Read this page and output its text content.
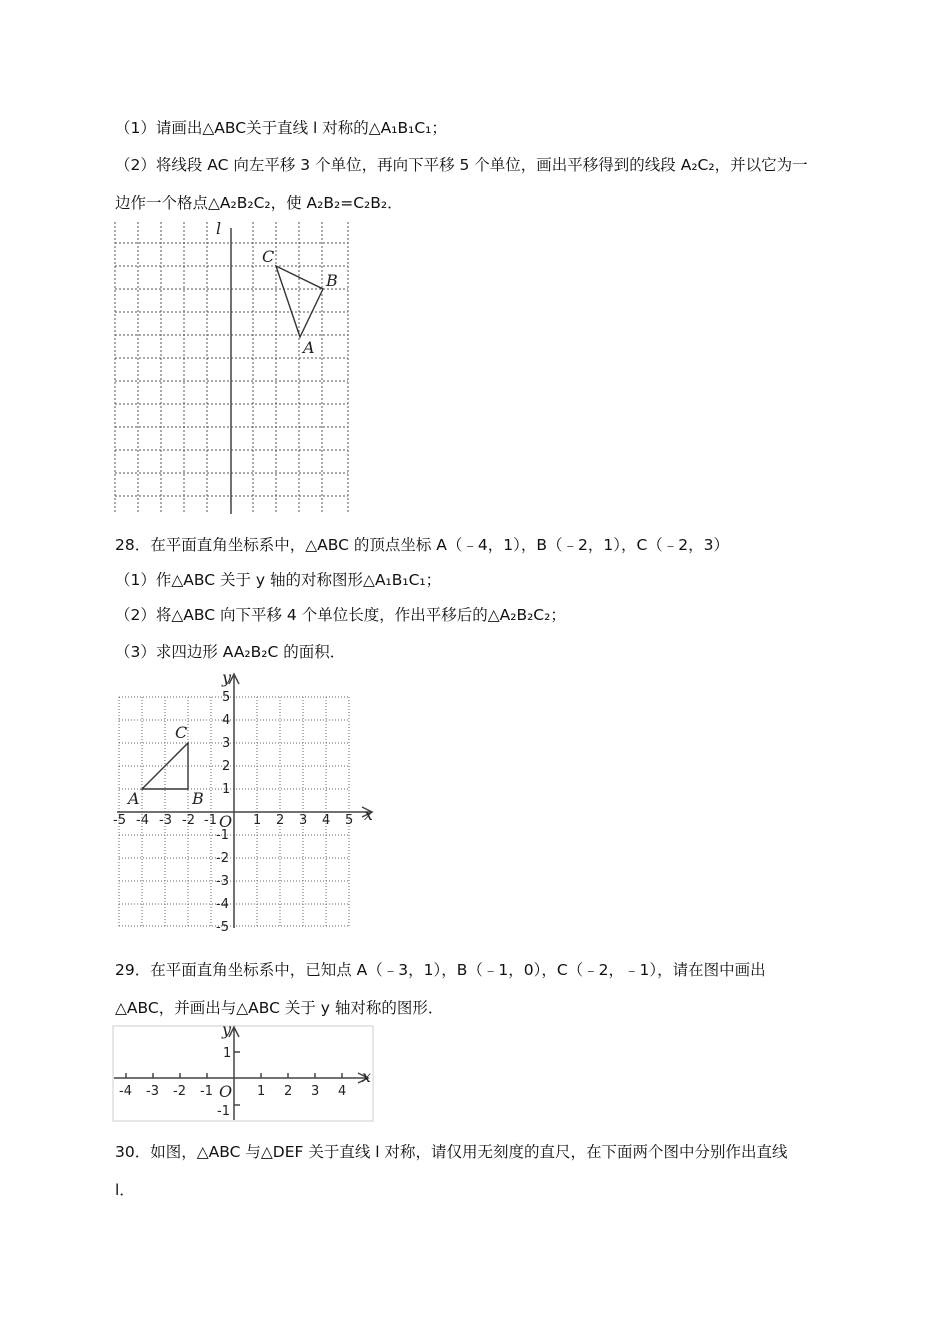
（1）请画出△ABC关于直线 l 对称的△A₁B₁C₁；
（2）将线段 AC 向左平移 3 个单位，再向下平移 5 个单位，画出平移得到的线段 A₂C₂，并以它为一
边作一个格点△A₂B₂C₂，使 A₂B₂=C₂B₂．
l
C
B
A
28．在平面直角坐标系中，△ABC 的顶点坐标 A（﹣4，1），B（﹣2，1），C（﹣2，3）
（1）作△ABC 关于 y 轴的对称图形△A₁B₁C₁；
（2）将△ABC 向下平移 4 个单位长度，作出平移后的△A₂B₂C₂；
（3）求四边形 AA₂B₂C 的面积．
x
y
O
-5 -4 -3 -2 -1	1 2 3 4 5
5
4
3
2
1
-1
-2
-3
-4
-5
A	B
C
29．在平面直角坐标系中，已知点 A（﹣3，1），B（﹣1，0），C（﹣2，﹣1），请在图中画出
△ABC，并画出与△ABC 关于 y 轴对称的图形．
x
y
O
-4 -3 -2 -1	1 2 3 4
1
-1
30．如图，△ABC 与△DEF 关于直线 l 对称，请仅用无刻度的直尺，在下面两个图中分别作出直线
l．
